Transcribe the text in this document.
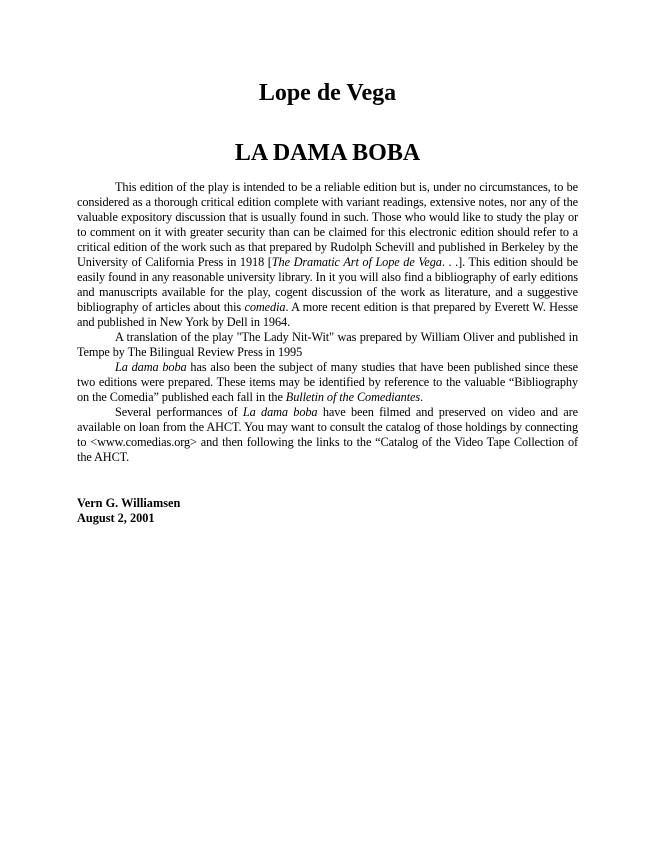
Lope de Vega
LA DAMA BOBA

This edition of the play is intended to be a reliable edition but is, under no circumstances, to be considered as a thorough critical edition complete with variant readings, extensive notes, nor any of the valuable expository discussion that is usually found in such. Those who would like to study the play or to comment on it with greater security than can be claimed for this electronic edition should refer to a critical edition of the work such as that prepared by Rudolph Schevill and published in Berkeley by the University of California Press in 1918 [The Dramatic Art of Lope de Vega. . .]. This edition should be easily found in any reasonable university library. In it you will also find a bibliography of early editions and manuscripts available for the play, cogent discussion of the work as literature, and a suggestive bibliography of articles about this comedia. A more recent edition is that prepared by Everett W. Hesse and published in New York by Dell in 1964.

A translation of the play "The Lady Nit-Wit" was prepared by William Oliver and published in Tempe by The Bilingual Review Press in 1995

La dama boba has also been the subject of many studies that have been published since these two editions were prepared. These items may be identified by reference to the valuable “Bibliography on the Comedia” published each fall in the Bulletin of the Comediantes.

Several performances of La dama boba have been filmed and preserved on video and are available on loan from the AHCT. You may want to consult the catalog of those holdings by connecting to <www.comedias.org> and then following the links to the “Catalog of the Video Tape Collection of the AHCT.

Vern G. Williamsen
August 2, 2001
